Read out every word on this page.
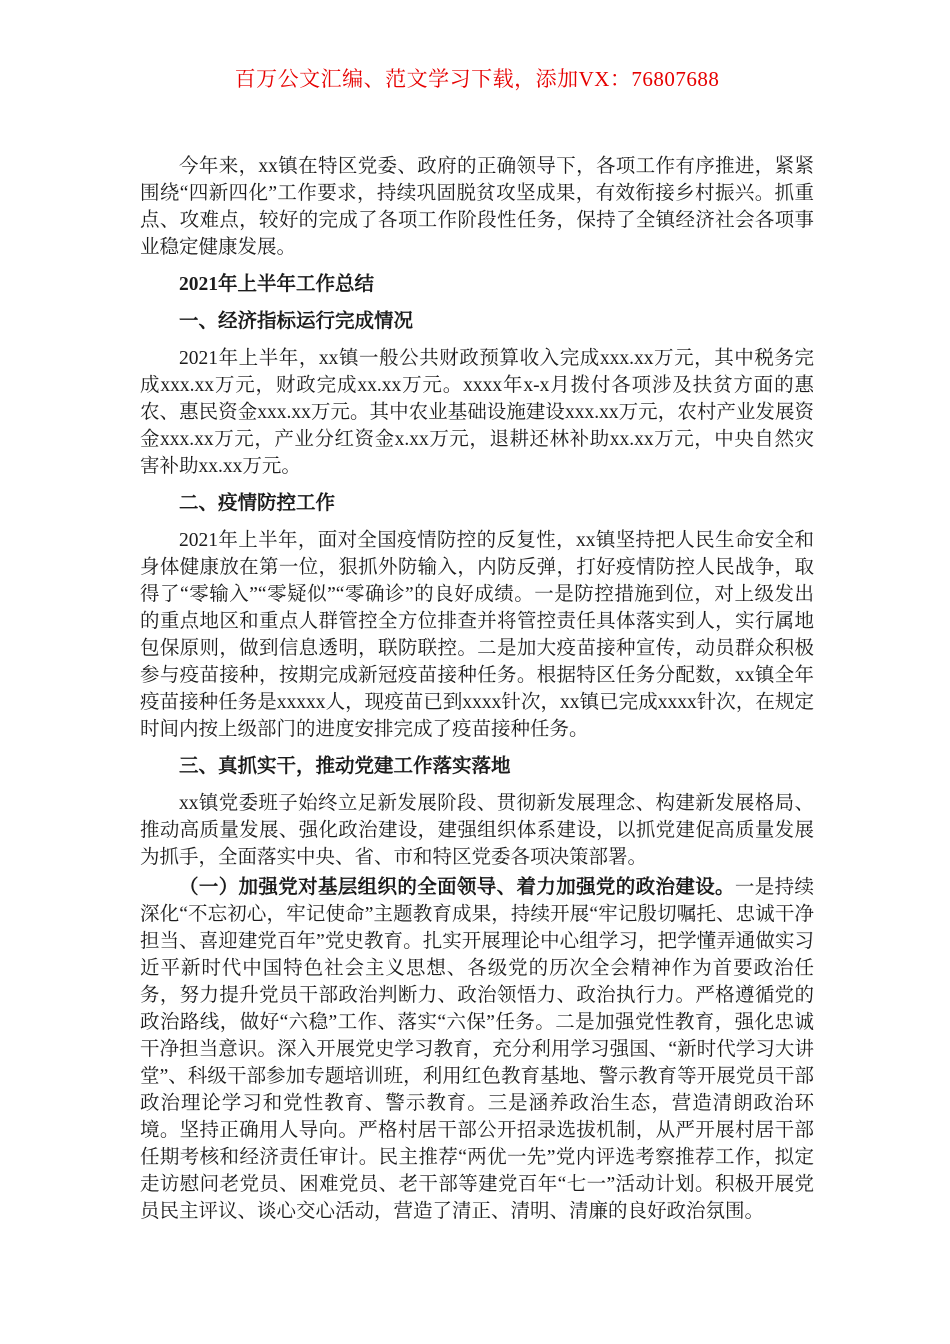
百万公文汇编、范文学习下载，添加VX：76807688

今年来，xx镇在特区党委、政府的正确领导下，各项工作有序推进，紧紧围绕“四新四化”工作要求，持续巩固脱贫攻坚成果，有效衔接乡村振兴。抓重点、攻难点，较好的完成了各项工作阶段性任务，保持了全镇经济社会各项事业稳定健康发展。

2021年上半年工作总结

一、经济指标运行完成情况

2021年上半年，xx镇一般公共财政预算收入完成xxx.xx万元，其中税务完成xxx.xx万元，财政完成xx.xx万元。xxxx年x-x月拨付各项涉及扶贫方面的惠农、惠民资金xxx.xx万元。其中农业基础设施建设xxx.xx万元，农村产业发展资金xxx.xx万元，产业分红资金x.xx万元，退耕还林补助xx.xx万元，中央自然灾害补助xx.xx万元。

二、疫情防控工作

2021年上半年，面对全国疫情防控的反复性，xx镇坚持把人民生命安全和身体健康放在第一位，狠抓外防输入，内防反弹，打好疫情防控人民战争，取得了“零输入”“零疑似”“零确诊”的良好成绩。一是防控措施到位，对上级发出的重点地区和重点人群管控全方位排查并将管控责任具体落实到人，实行属地包保原则，做到信息透明，联防联控。二是加大疫苗接种宣传，动员群众积极参与疫苗接种，按期完成新冠疫苗接种任务。根据特区任务分配数，xx镇全年疫苗接种任务是xxxxx人，现疫苗已到xxxx针次，xx镇已完成xxxx针次，在规定时间内按上级部门的进度安排完成了疫苗接种任务。

三、真抓实干，推动党建工作落实落地

xx镇党委班子始终立足新发展阶段、贯彻新发展理念、构建新发展格局、推动高质量发展、强化政治建设，建强组织体系建设，以抓党建促高质量发展为抓手，全面落实中央、省、市和特区党委各项决策部署。

（一）加强党对基层组织的全面领导、着力加强党的政治建设。一是持续深化“不忘初心，牢记使命”主题教育成果，持续开展“牢记殷切嘱托、忠诚干净担当、喜迎建党百年”党史教育。扎实开展理论中心组学习，把学懂弄通做实习近平新时代中国特色社会主义思想、各级党的历次全会精神作为首要政治任务，努力提升党员干部政治判断力、政治领悟力、政治执行力。严格遵循党的政治路线，做好“六稳”工作、落实“六保”任务。二是加强党性教育，强化忠诚干净担当意识。深入开展党史学习教育，充分利用学习强国、“新时代学习大讲堂”、科级干部参加专题培训班，利用红色教育基地、警示教育等开展党员干部政治理论学习和党性教育、警示教育。三是涵养政治生态，营造清朗政治环境。坚持正确用人导向。严格村居干部公开招录选拔机制，从严开展村居干部任期考核和经济责任审计。民主推荐“两优一先”党内评选考察推荐工作，拟定走访慰问老党员、困难党员、老干部等建党百年“七一”活动计划。积极开展党员民主评议、谈心交心活动，营造了清正、清明、清廉的良好政治氛围。
